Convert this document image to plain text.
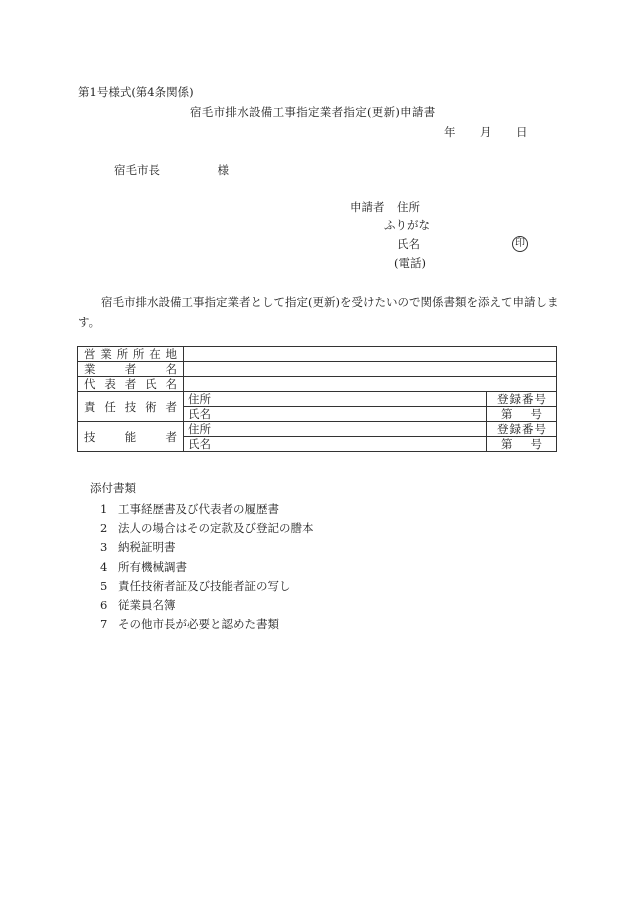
第1号様式(第4条関係)
宿毛市排水設備工事指定業者指定(更新)申請書
年 月 日
宿毛市長　　　　　様
申請者 住所
ふりがな
氏名	印
(電話)
宿毛市排水設備工事指定業者として指定(更新)を受けたいので関係書類を添えて申請します。
営業所所在地		
業者名		
代表者氏名		
責任技術者	住所	登録番号
	氏名	第 号

技能者	住所	登録番号
	氏名	第 号
添付書類
1 工事経歴書及び代表者の履歴書
2 法人の場合はその定款及び登記の謄本
3 納税証明書
4 所有機械調書
5 責任技術者証及び技能者証の写し
6 従業員名簿
7 その他市長が必要と認めた書類
